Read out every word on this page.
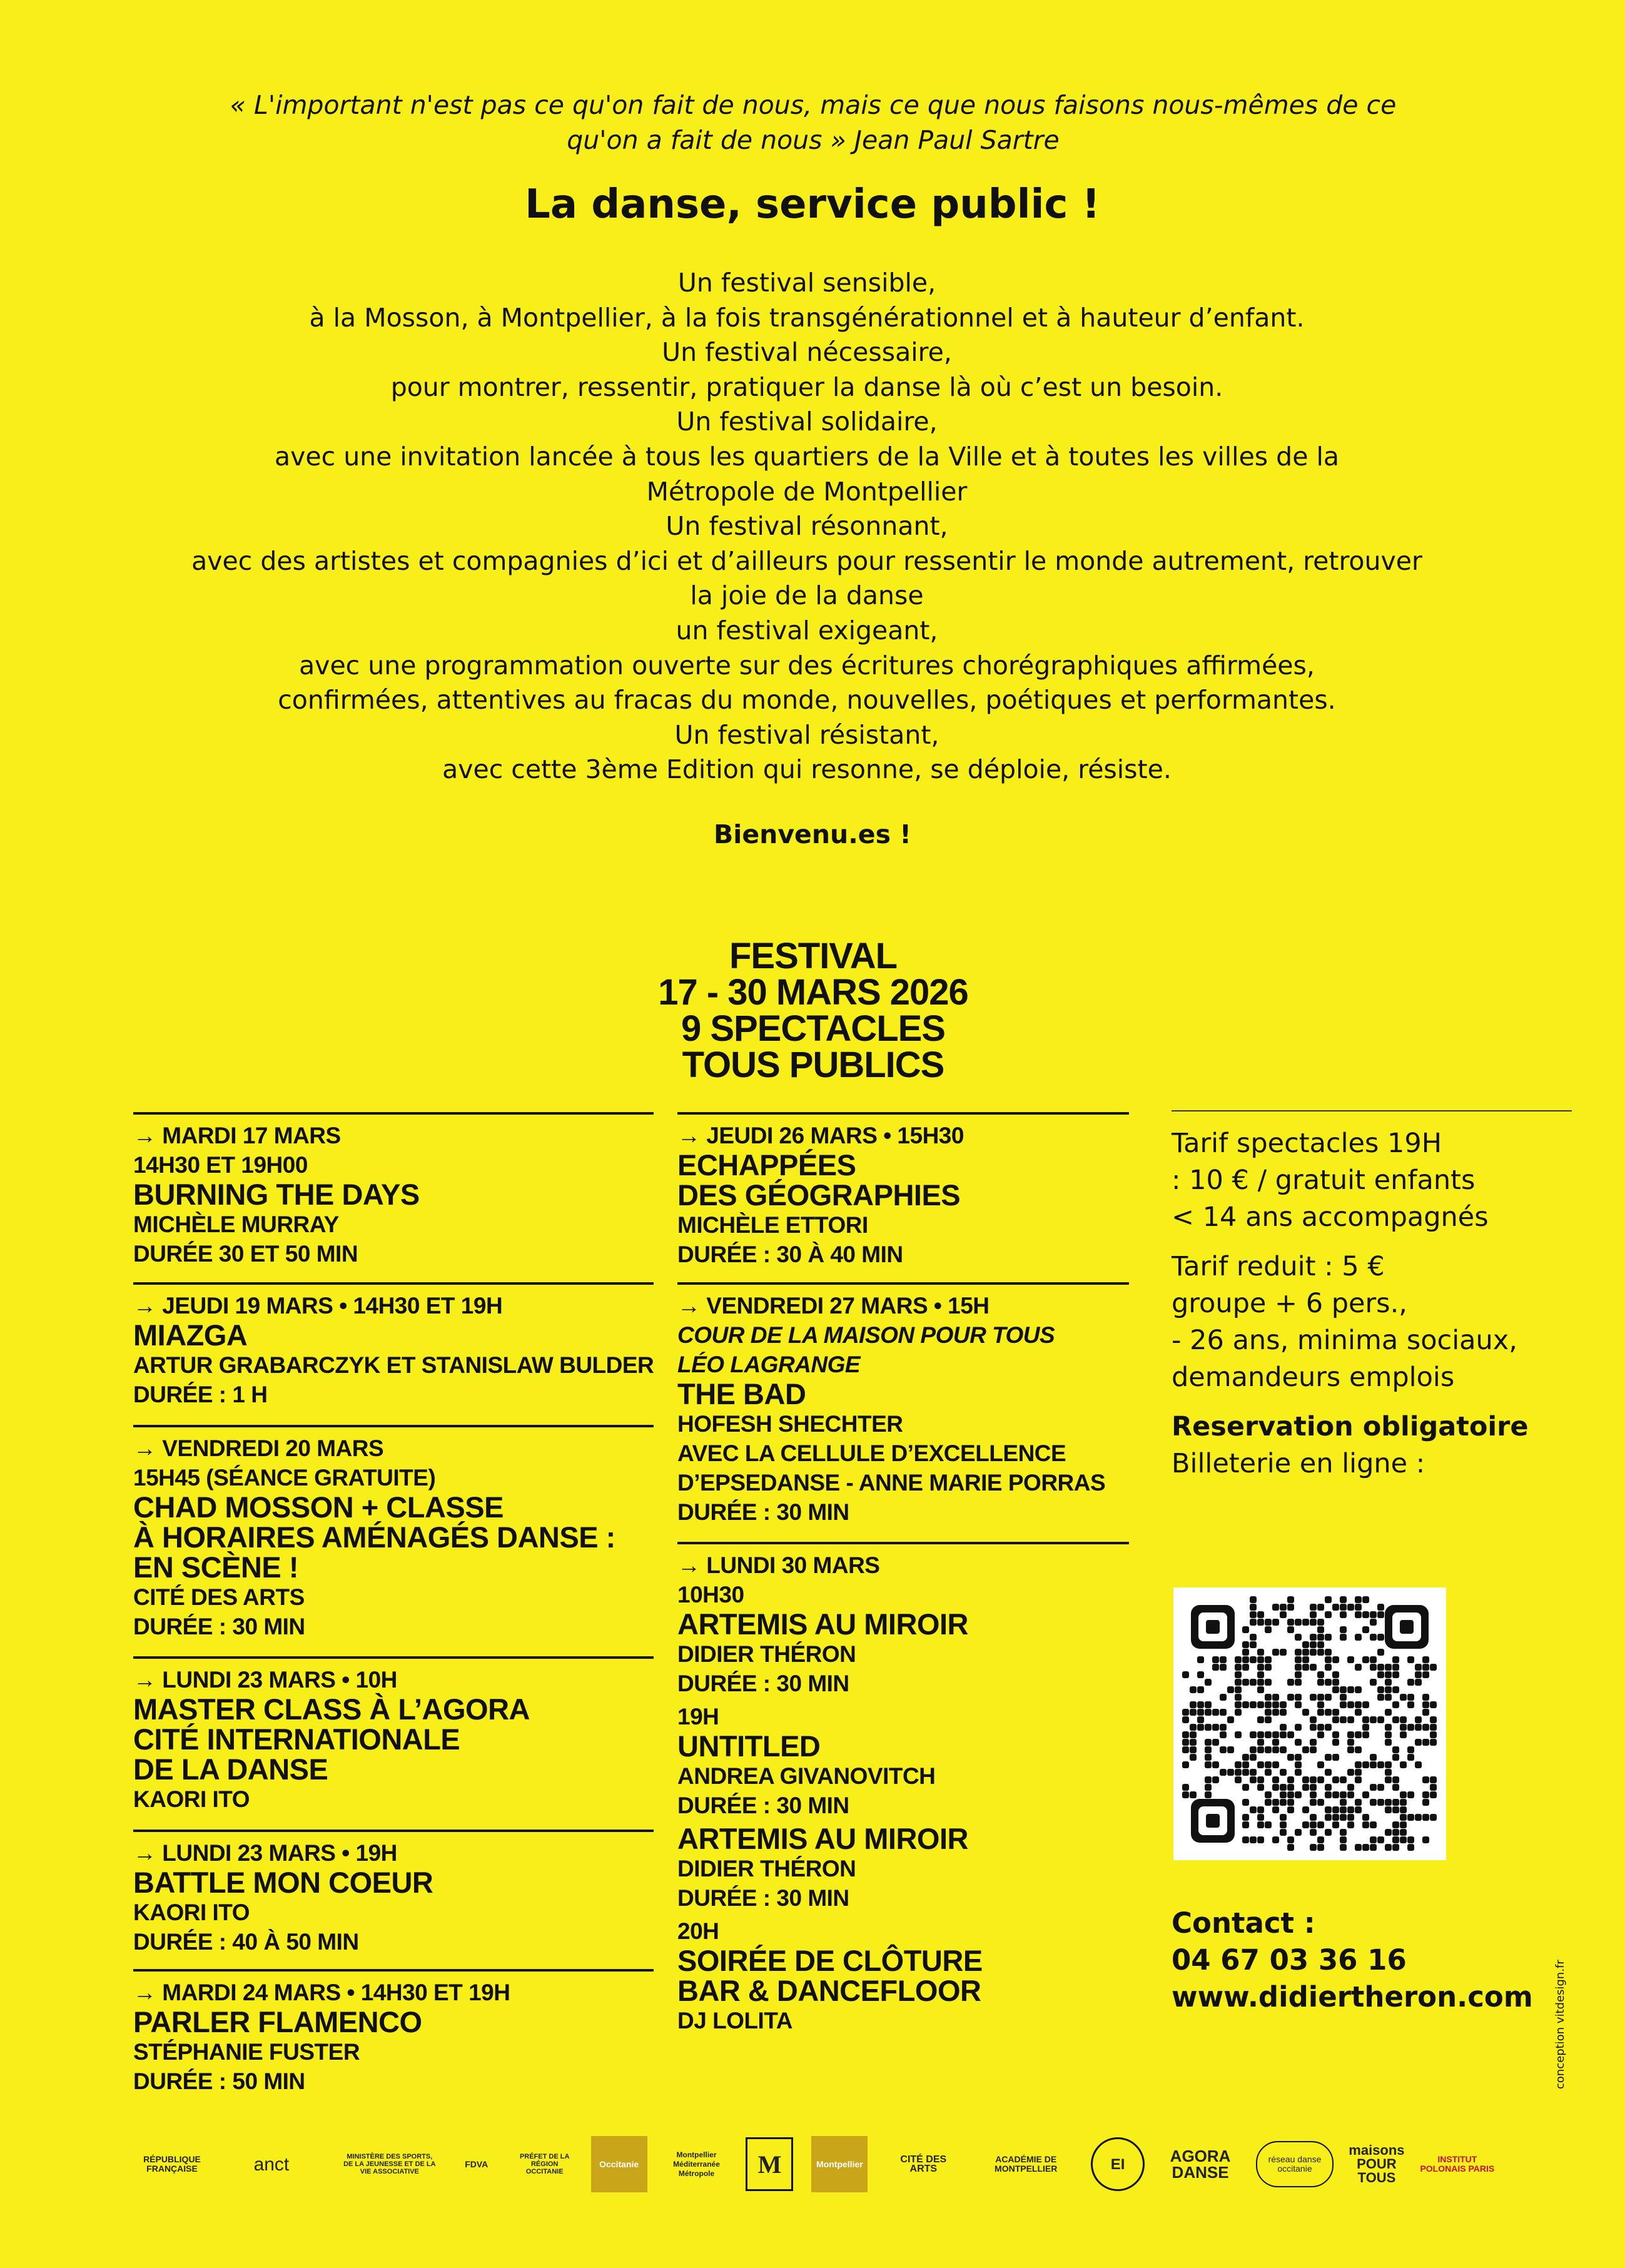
« L'important n'est pas ce qu'on fait de nous, mais ce que nous faisons nous-mêmes de ce
qu'on a fait de nous » Jean Paul Sartre
La danse, service public !
Un festival sensible,
à la Mosson, à Montpellier, à la fois transgénérationnel et à hauteur d’enfant.
Un festival nécessaire,
pour montrer, ressentir, pratiquer la danse là où c’est un besoin.
Un festival solidaire,
avec une invitation lancée à tous les quartiers de la Ville et à toutes les villes de la
Métropole de Montpellier
Un festival résonnant,
avec des artistes et compagnies d’ici et d’ailleurs pour ressentir le monde autrement, retrouver
la joie de la danse
un festival exigeant,
avec une programmation ouverte sur des écritures chorégraphiques affirmées,
confirmées, attentives au fracas du monde, nouvelles, poétiques et performantes.
Un festival résistant,
avec cette 3ème Edition qui resonne, se déploie, résiste.
Bienvenu.es !
FESTIVAL
17 - 30 MARS 2026
9 SPECTACLES
TOUS PUBLICS
→ MARDI 17 MARS
14H30 ET 19H00
BURNING THE DAYS
MICHÈLE MURRAY
DURÉE 30 ET 50 MIN
→ JEUDI 19 MARS • 14H30 ET 19H
MIAZGA
ARTUR GRABARCZYK ET STANISLAW BULDER
DURÉE : 1 H
→ VENDREDI 20 MARS
15H45 (SÉANCE GRATUITE)
CHAD MOSSON + CLASSE
À HORAIRES AMÉNAGÉS DANSE :
EN SCÈNE !
CITÉ DES ARTS
DURÉE : 30 MIN
→ LUNDI 23 MARS • 10H
MASTER CLASS À L’AGORA
CITÉ INTERNATIONALE
DE LA DANSE
KAORI ITO
→ LUNDI 23 MARS • 19H
BATTLE MON COEUR
KAORI ITO
DURÉE : 40 À 50 MIN
→ MARDI 24 MARS • 14H30 ET 19H
PARLER FLAMENCO
STÉPHANIE FUSTER
DURÉE : 50 MIN
→ JEUDI 26 MARS • 15H30
ECHAPPÉES
DES GÉOGRAPHIES
MICHÈLE ETTORI
DURÉE : 30 À 40 MIN
→ VENDREDI 27 MARS • 15H
COUR DE LA MAISON POUR TOUS
LÉO LAGRANGE
THE BAD
HOFESH SHECHTER
AVEC LA CELLULE D’EXCELLENCE
D’EPSEDANSE - ANNE MARIE PORRAS
DURÉE : 30 MIN
→ LUNDI 30 MARS
10H30
ARTEMIS AU MIROIR
DIDIER THÉRON
DURÉE : 30 MIN
19H
UNTITLED
ANDREA GIVANOVITCH
DURÉE : 30 MIN
ARTEMIS AU MIROIR
DIDIER THÉRON
DURÉE : 30 MIN
20H
SOIRÉE DE CLÔTURE
BAR & DANCEFLOOR
DJ LOLITA
Tarif spectacles 19H
: 10 € / gratuit enfants
< 14 ans accompagnés
Tarif reduit : 5 €
groupe + 6 pers.,
- 26 ans, minima sociaux,
demandeurs emplois
Reservation obligatoire
Billeterie en ligne :
Contact :
04 67 03 36 16
www.didiertheron.com conception vitdesign.fr
RÉPUBLIQUE FRANÇAISE	anct	MINISTÈRE DES SPORTS, DE LA JEUNESSE ET DE LA VIE ASSOCIATIVE
FDVA
PRÉFET DE LA RÉGION OCCITANIE
Occitanie
Montpellier Méditerranée Métropole	M	Montpellier	CITÉ DES ARTS
ACADÉMIE DE MONTPELLIER	EI	AGORA DANSE
réseau danse occitanie
maisons POUR TOUS
INSTITUT POLONAIS PARIS
